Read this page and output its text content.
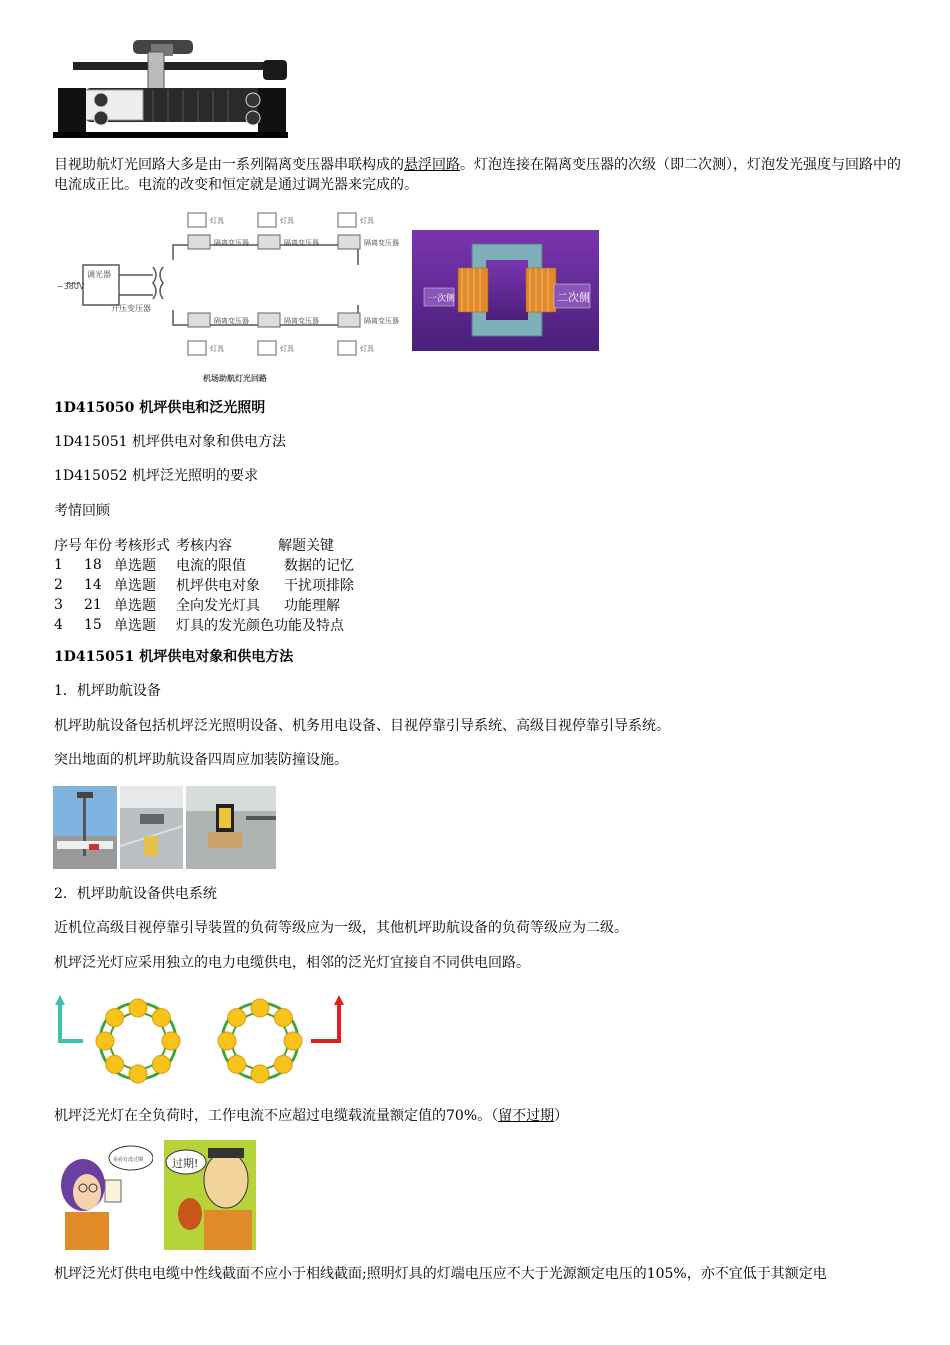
目视助航灯光回路大多是由一系列隔离变压器串联构成的悬浮回路。灯泡连接在隔离变压器的次级（即二次测），灯泡发光强度与回路中的电流成正比。电流的改变和恒定就是通过调光器来完成的。
~380V
升压变压器
调光器
机场助航灯光回路
灯具
隔离变压器
灯具
隔离变压器
灯具
隔离变压器
隔离变压器
灯具
隔离变压器
灯具
隔离变压器
灯具
一次侧	二次侧
1D415050 机坪供电和泛光照明
1D415051 机坪供电对象和供电方法
1D415052 机坪泛光照明的要求
考情回顾
序号	年份	考核形式	考核内容 解题关键	
1	18	单选题	电流的限值	数据的记忆
2	14	单选题	机坪供电对象	干扰项排除
3	21	单选题	全向发光灯具	功能理解
4	15	单选题	灯具的发光颜色功能及特点	
1D415051 机坪供电对象和供电方法
1．机坪助航设备
机坪助航设备包括机坪泛光照明设备、机务用电设备、目视停靠引导系统、高级目视停靠引导系统。
突出地面的机坪助航设备四周应加装防撞设施。
2．机坪助航设备供电系统
近机位高级目视停靠引导装置的负荷等级应为一级，其他机坪助航设备的负荷等级应为二级。
机坪泛光灯应采用独立的电力电缆供电，相邻的泛光灯宜接自不同供电回路。
机坪泛光灯在全负荷时，工作电流不应超过电缆载流量额定值的70%。（留不过期）
看看有没过期	过期!
机坪泛光灯供电电缆中性线截面不应小于相线截面;照明灯具的灯端电压应不大于光源额定电压的105%，亦不宜低于其额定电
